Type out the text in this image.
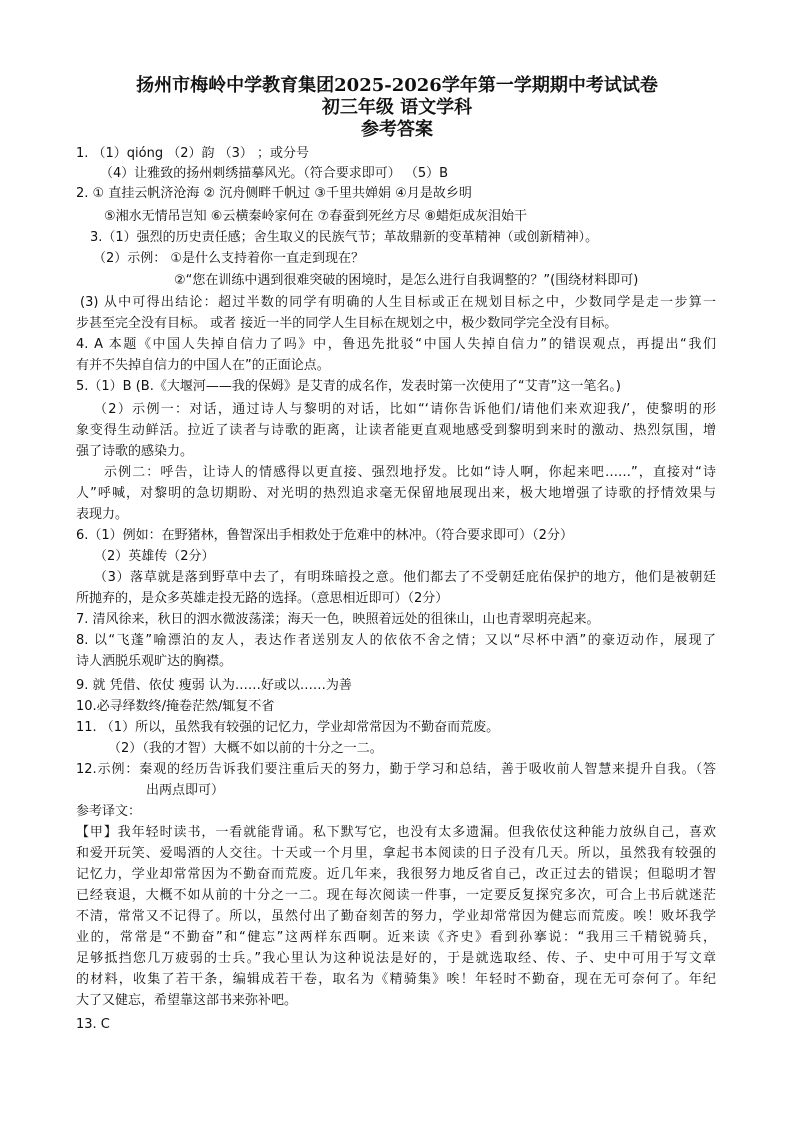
扬州市梅岭中学教育集团2025-2026学年第一学期期中考试试卷
初三年级 语文学科
参考答案
1. （1）qióng （2）韵 （3） ；或分号
（4）让雅致的扬州刺绣描摹风光。（符合要求即可） （5）B
2. ① 直挂云帆济沧海 ② 沉舟侧畔千帆过 ③千里共婵娟 ④月是故乡明
⑤湘水无情吊岂知 ⑥云横秦岭家何在 ⑦春蚕到死丝方尽 ⑧蜡炬成灰泪始干
3.（1）强烈的历史责任感；舍生取义的民族气节；革故鼎新的变革精神（或创新精神）。
（2）示例： ①是什么支持着你一直走到现在？
②“您在训练中遇到很难突破的困境时，是怎么进行自我调整的？”(围绕材料即可)
(3) 从中可得出结论：超过半数的同学有明确的人生目标或正在规划目标之中，少数同学是走一步算一
步甚至完全没有目标。 或者 接近一半的同学人生目标在规划之中，极少数同学完全没有目标。
4. A 本题《中国人失掉自信力了吗》中，鲁迅先批驳“中国人失掉自信力”的错误观点，再提出“我们
有并不失掉自信力的中国人在”的正面论点。
5.（1）B (B.《大堰河——我的保姆》是艾青的成名作，发表时第一次使用了“艾青”这一笔名。)
（2）示例一：对话，通过诗人与黎明的对话，比如“‘请你告诉他们/请他们来欢迎我/’，使黎明的形
象变得生动鲜活。拉近了读者与诗歌的距离，让读者能更直观地感受到黎明到来时的激动、热烈氛围，增
强了诗歌的感染力。
示例二：呼告，让诗人的情感得以更直接、强烈地抒发。比如“诗人啊，你起来吧……”，直接对“诗
人”呼喊，对黎明的急切期盼、对光明的热烈追求毫无保留地展现出来，极大地增强了诗歌的抒情效果与
表现力。
6.（1）例如：在野猪林，鲁智深出手相救处于危难中的林冲。（符合要求即可）（2分）
（2）英雄传（2分）
（3）落草就是落到野草中去了，有明珠暗投之意。他们都去了不受朝廷庇佑保护的地方，他们是被朝廷
所抛弃的，是众多英雄走投无路的选择。（意思相近即可）（2分）
7. 清风徐来，秋日的泗水微波荡漾；海天一色，映照着远处的徂徕山，山也青翠明亮起来。
8. 以“飞蓬”喻漂泊的友人，表达作者送别友人的依依不舍之情；又以“尽杯中酒”的豪迈动作，展现了
诗人洒脱乐观旷达的胸襟。
9. 就 凭借、依仗 瘦弱 认为……好或以……为善
10.必寻绎数终/掩卷茫然/辄复不省
11. （1）所以，虽然我有较强的记忆力，学业却常常因为不勤奋而荒废。
（2）（我的才智）大概不如以前的十分之一二。
12.示例：秦观的经历告诉我们要注重后天的努力，勤于学习和总结，善于吸收前人智慧来提升自我。（答
出两点即可）
参考译文：
【甲】我年轻时读书，一看就能背诵。私下默写它，也没有太多遗漏。但我依仗这种能力放纵自己，喜欢
和爱开玩笑、爱喝酒的人交往。十天或一个月里，拿起书本阅读的日子没有几天。所以，虽然我有较强的
记忆力，学业却常常因为不勤奋而荒废。近几年来，我很努力地反省自己，改正过去的错误；但聪明才智
已经衰退，大概不如从前的十分之一二。现在每次阅读一件事，一定要反复探究多次，可合上书后就迷茫
不清，常常又不记得了。所以，虽然付出了勤奋刻苦的努力，学业却常常因为健忘而荒废。唉！败坏我学
业的，常常是“不勤奋”和“健忘”这两样东西啊。近来读《齐史》看到孙搴说：“我用三千精锐骑兵，
足够抵挡您几万疲弱的士兵。”我心里认为这种说法是好的，于是就选取经、传、子、史中可用于写文章
的材料，收集了若干条，编辑成若干卷，取名为《精骑集》唉！年轻时不勤奋，现在无可奈何了。年纪
大了又健忘，希望靠这部书来弥补吧。
13. C
